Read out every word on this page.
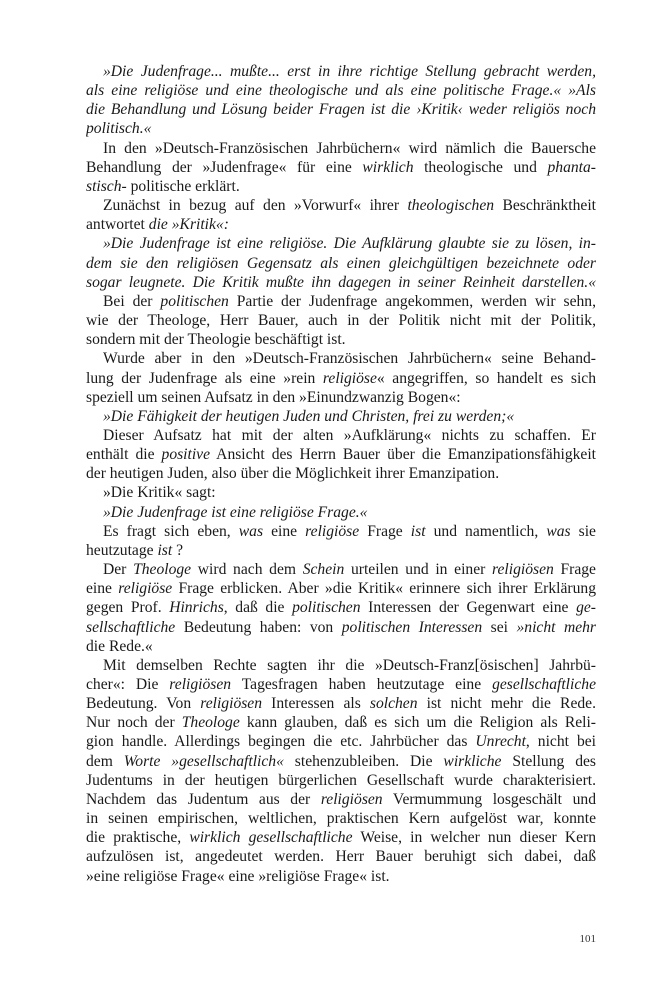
»Die Judenfrage... mußte... erst in ihre richtige Stellung gebracht werden,
als eine religiöse und eine theologische und als eine politische Frage.« »Als
die Behandlung und Lösung beider Fragen ist die ›Kritik‹ weder religiös noch
politisch.«
In den »Deutsch-Französischen Jahrbüchern« wird nämlich die Bauersche
Behandlung der »Judenfrage« für eine wirklich theologische und phanta-
stisch- politische erklärt.
Zunächst in bezug auf den »Vorwurf« ihrer theologischen Beschränktheit
antwortet die »Kritik«:
»Die Judenfrage ist eine religiöse. Die Aufklärung glaubte sie zu lösen, in-
dem sie den religiösen Gegensatz als einen gleichgültigen bezeichnete oder
sogar leugnete. Die Kritik mußte ihn dagegen in seiner Reinheit darstellen.«
Bei der politischen Partie der Judenfrage angekommen, werden wir sehn,
wie der Theologe, Herr Bauer, auch in der Politik nicht mit der Politik,
sondern mit der Theologie beschäftigt ist.
Wurde aber in den »Deutsch-Französischen Jahrbüchern« seine Behand-
lung der Judenfrage als eine »rein religiöse« angegriffen, so handelt es sich
speziell um seinen Aufsatz in den »Einundzwanzig Bogen«:
»Die Fähigkeit der heutigen Juden und Christen, frei zu werden;«
Dieser Aufsatz hat mit der alten »Aufklärung« nichts zu schaffen. Er
enthält die positive Ansicht des Herrn Bauer über die Emanzipationsfähigkeit
der heutigen Juden, also über die Möglichkeit ihrer Emanzipation.
»Die Kritik« sagt:
»Die Judenfrage ist eine religiöse Frage.«
Es fragt sich eben, was eine religiöse Frage ist und namentlich, was sie
heutzutage ist ?
Der Theologe wird nach dem Schein urteilen und in einer religiösen Frage
eine religiöse Frage erblicken. Aber »die Kritik« erinnere sich ihrer Erklärung
gegen Prof. Hinrichs, daß die politischen Interessen der Gegenwart eine ge-
sellschaftliche Bedeutung haben: von politischen Interessen sei »nicht mehr
die Rede.«
Mit demselben Rechte sagten ihr die »Deutsch-Franz[ösischen] Jahrbü-
cher«: Die religiösen Tagesfragen haben heutzutage eine gesellschaftliche
Bedeutung. Von religiösen Interessen als solchen ist nicht mehr die Rede.
Nur noch der Theologe kann glauben, daß es sich um die Religion als Reli-
gion handle. Allerdings begingen die etc. Jahrbücher das Unrecht, nicht bei
dem Worte »gesellschaftlich« stehenzubleiben. Die wirkliche Stellung des
Judentums in der heutigen bürgerlichen Gesellschaft wurde charakterisiert.
Nachdem das Judentum aus der religiösen Vermummung losgeschält und
in seinen empirischen, weltlichen, praktischen Kern aufgelöst war, konnte
die praktische, wirklich gesellschaftliche Weise, in welcher nun dieser Kern
aufzulösen ist, angedeutet werden. Herr Bauer beruhigt sich dabei, daß
»eine religiöse Frage« eine »religiöse Frage« ist.
101
